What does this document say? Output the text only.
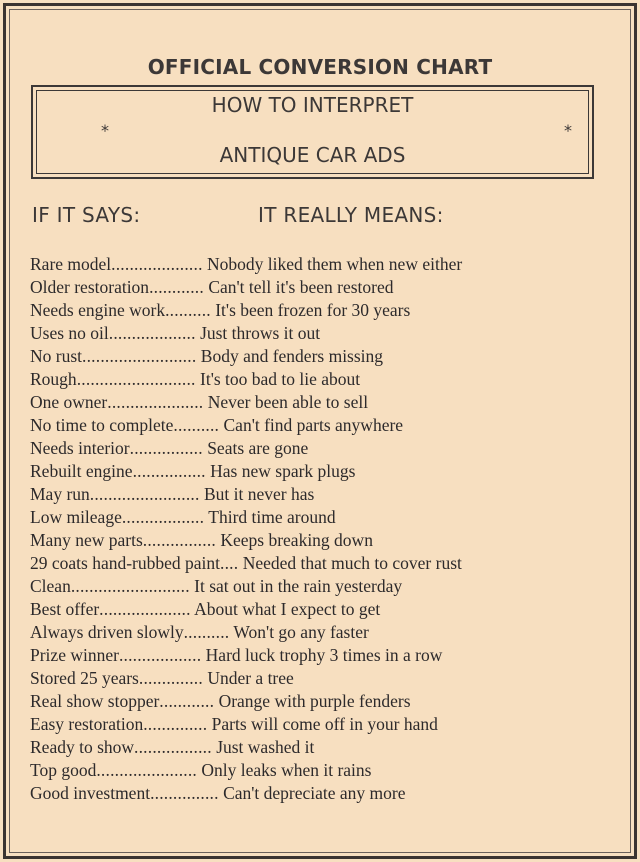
OFFICIAL CONVERSION CHART
HOW TO INTERPRET
*	*
ANTIQUE CAR ADS
IF IT SAYS:	IT REALLY MEANS:
Rare model.................... Nobody liked them when new either
Older restoration............ Can't tell it's been restored
Needs engine work.......... It's been frozen for 30 years
Uses no oil................... Just throws it out
No rust......................... Body and fenders missing
Rough.......................... It's too bad to lie about
One owner..................... Never been able to sell
No time to complete.......... Can't find parts anywhere
Needs interior................ Seats are gone
Rebuilt engine................ Has new spark plugs
May run........................ But it never has
Low mileage.................. Third time around
Many new parts................ Keeps breaking down
29 coats hand-rubbed paint.... Needed that much to cover rust
Clean.......................... It sat out in the rain yesterday
Best offer.................... About what I expect to get
Always driven slowly.......... Won't go any faster
Prize winner.................. Hard luck trophy 3 times in a row
Stored 25 years.............. Under a tree
Real show stopper............ Orange with purple fenders
Easy restoration.............. Parts will come off in your hand
Ready to show................. Just washed it
Top good...................... Only leaks when it rains
Good investment............... Can't depreciate any more
